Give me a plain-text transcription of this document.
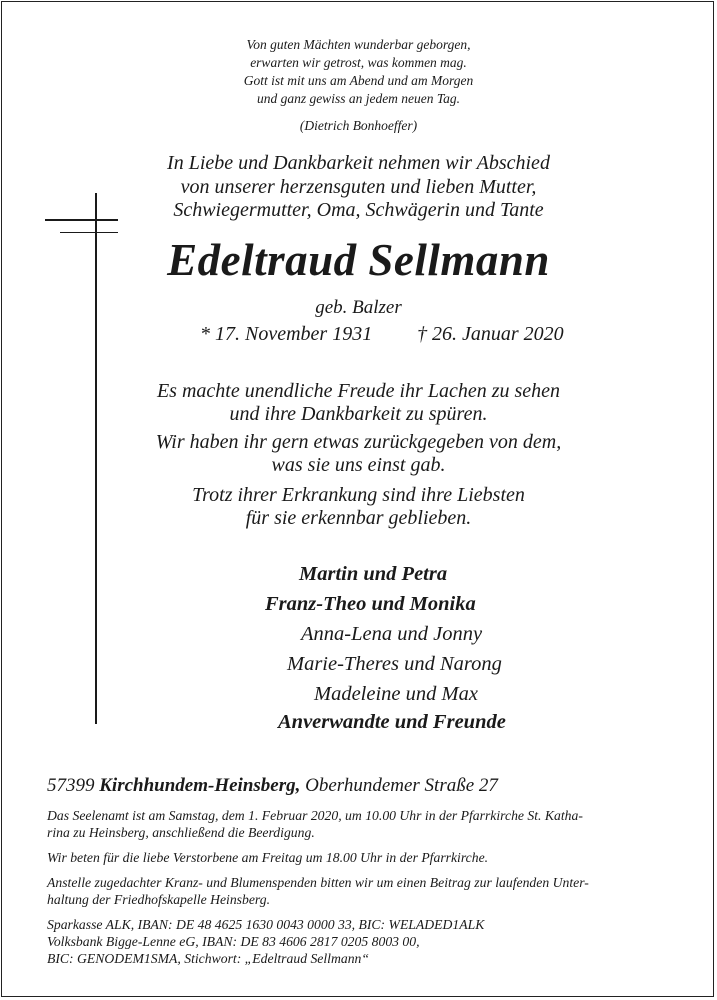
Von guten Mächten wunderbar geborgen,
erwarten wir getrost, was kommen mag.
Gott ist mit uns am Abend und am Morgen
und ganz gewiss an jedem neuen Tag.
(Dietrich Bonhoeffer)
In Liebe und Dankbarkeit nehmen wir Abschied
von unserer herzensguten und lieben Mutter,
Schwiegermutter, Oma, Schwägerin und Tante
Edeltraud Sellmann
geb. Balzer
* 17. November 1931 † 26. Januar 2020
Es machte unendliche Freude ihr Lachen zu sehen
und ihre Dankbarkeit zu spüren.
Wir haben ihr gern etwas zurückgegeben von dem,
was sie uns einst gab.
Trotz ihrer Erkrankung sind ihre Liebsten
für sie erkennbar geblieben.
Martin und Petra
Franz-Theo und Monika
Anna-Lena und Jonny
Marie-Theres und Narong
Madeleine und Max
Anverwandte und Freunde
57399 Kirchhundem-Heinsberg, Oberhundemer Straße 27
Das Seelenamt ist am Samstag, dem 1. Februar 2020, um 10.00 Uhr in der Pfarrkirche St. Katha-
rina zu Heinsberg, anschließend die Beerdigung.
Wir beten für die liebe Verstorbene am Freitag um 18.00 Uhr in der Pfarrkirche.
Anstelle zugedachter Kranz- und Blumenspenden bitten wir um einen Beitrag zur laufenden Unter-
haltung der Friedhofskapelle Heinsberg.
Sparkasse ALK, IBAN: DE 48 4625 1630 0043 0000 33, BIC: WELADED1ALK
Volksbank Bigge-Lenne eG, IBAN: DE 83 4606 2817 0205 8003 00,
BIC: GENODEM1SMA, Stichwort: „Edeltraud Sellmann“
